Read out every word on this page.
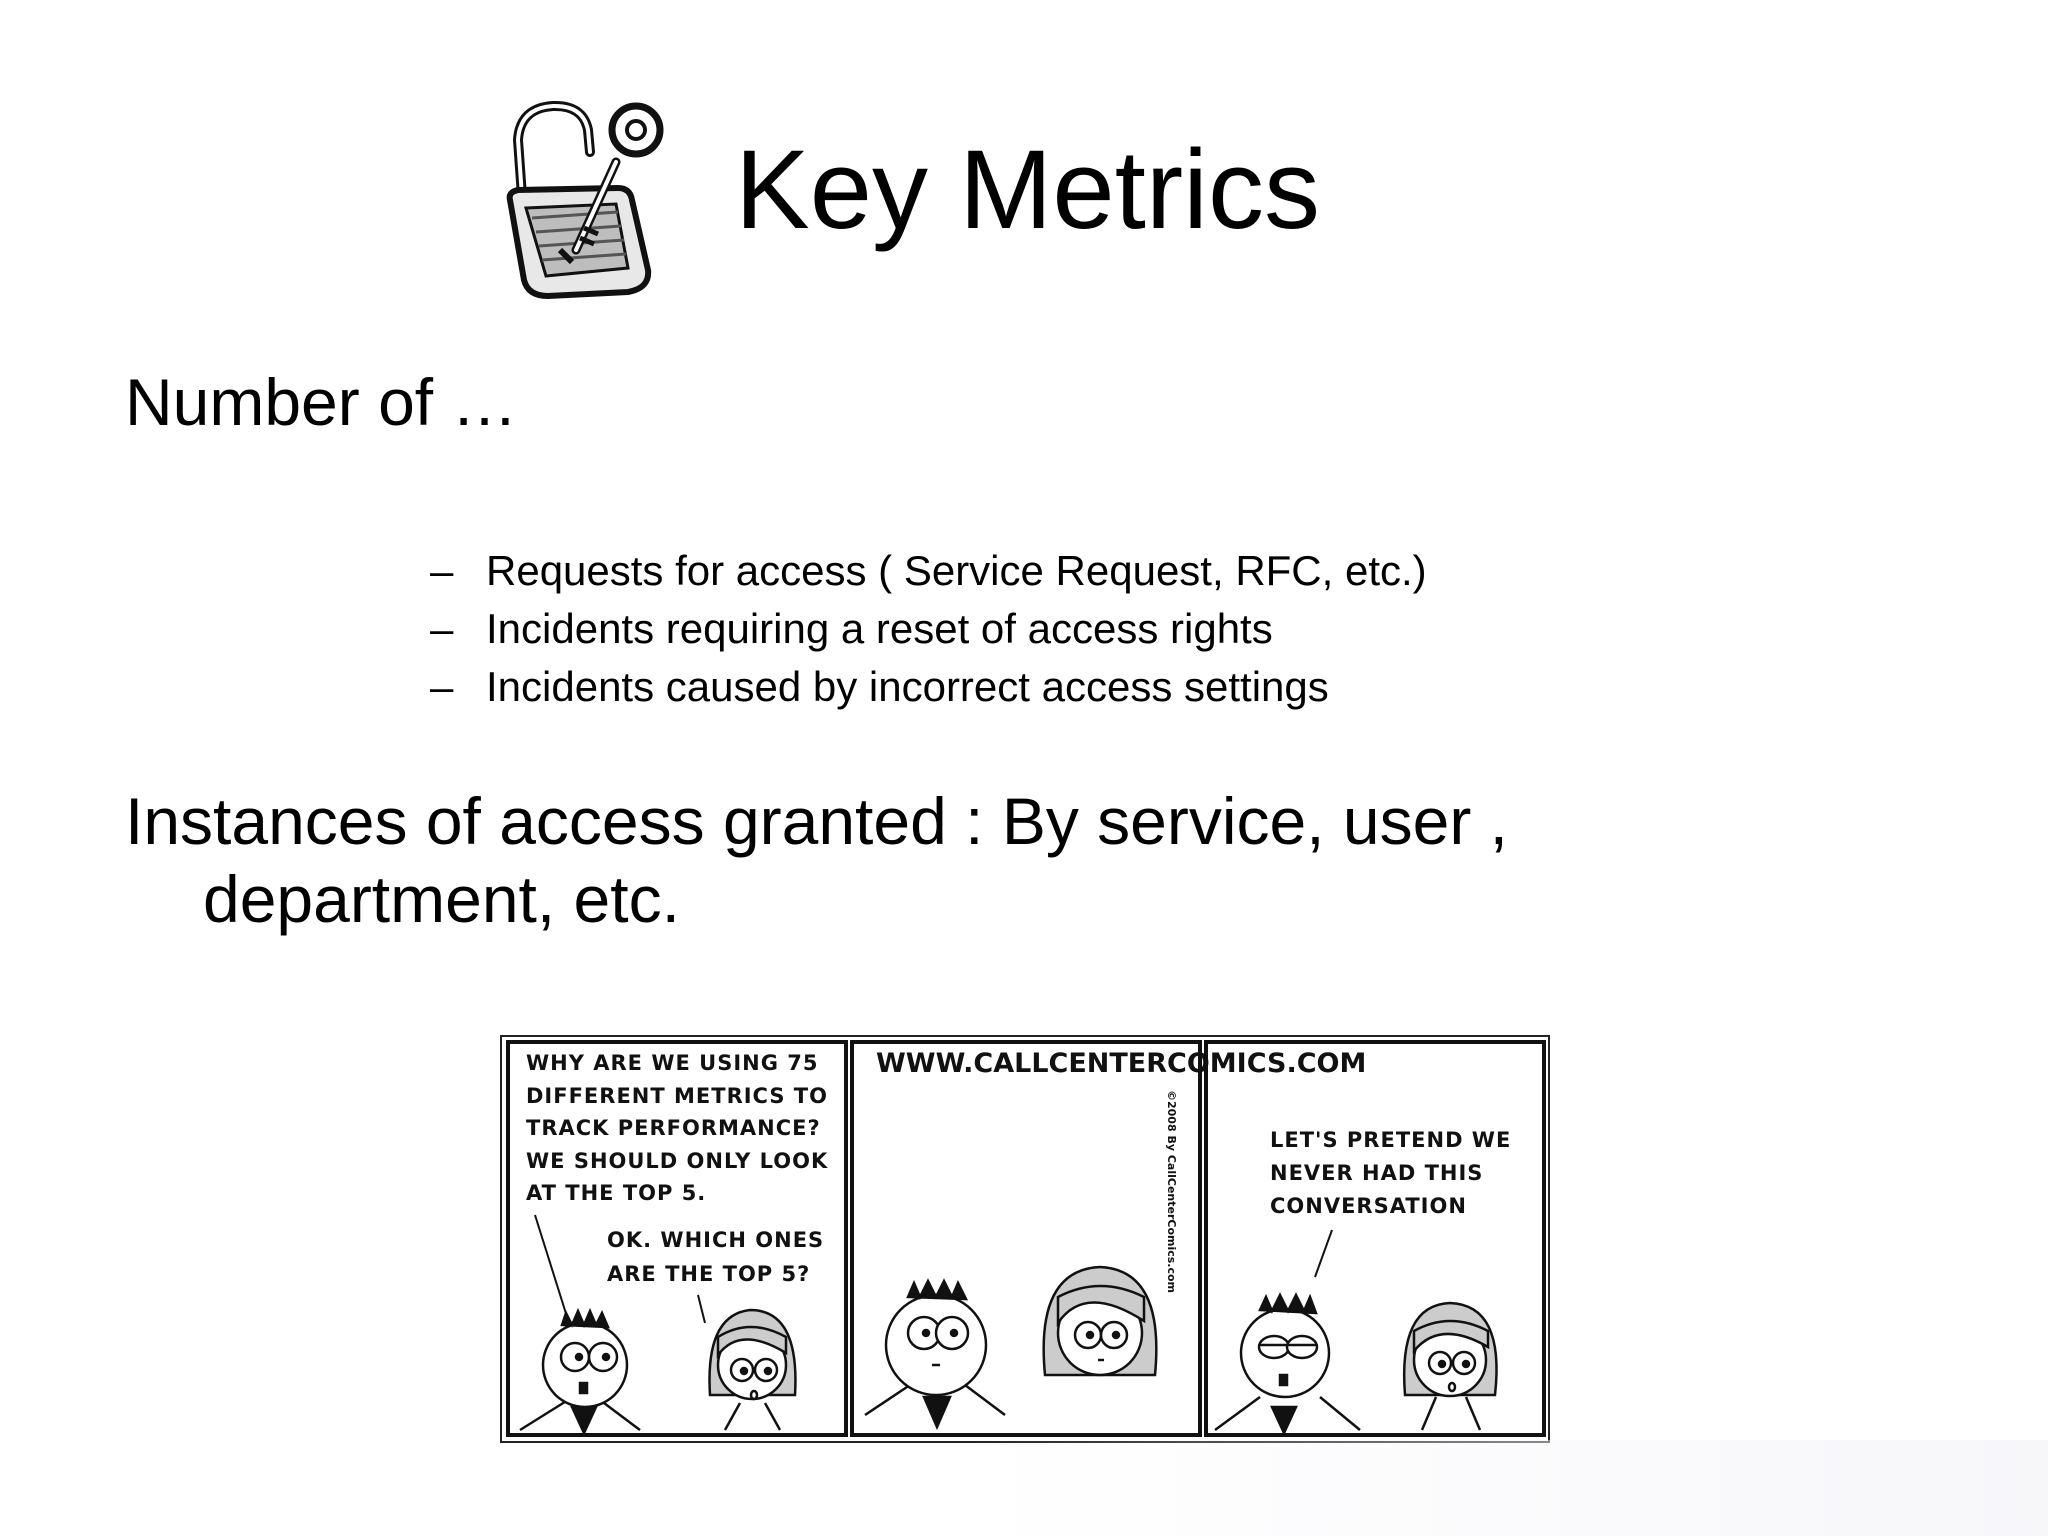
Key Metrics
Number of …
– Requests for access ( Service Request, RFC, etc.)
– Incidents requiring a reset of access rights
– Incidents caused by incorrect access settings
Instances of access granted : By service, user ,
department, etc.
WHY ARE WE USING 75 DIFFERENT METRICS TO TRACK PERFORMANCE? WE SHOULD ONLY LOOK AT THE TOP 5.
OK. WHICH ONES ARE THE TOP 5?
WWW.CALLCENTERCOMICS.COM
©2008 By CallCenterComics.com	LET'S PRETEND WE NEVER HAD THIS CONVERSATION
